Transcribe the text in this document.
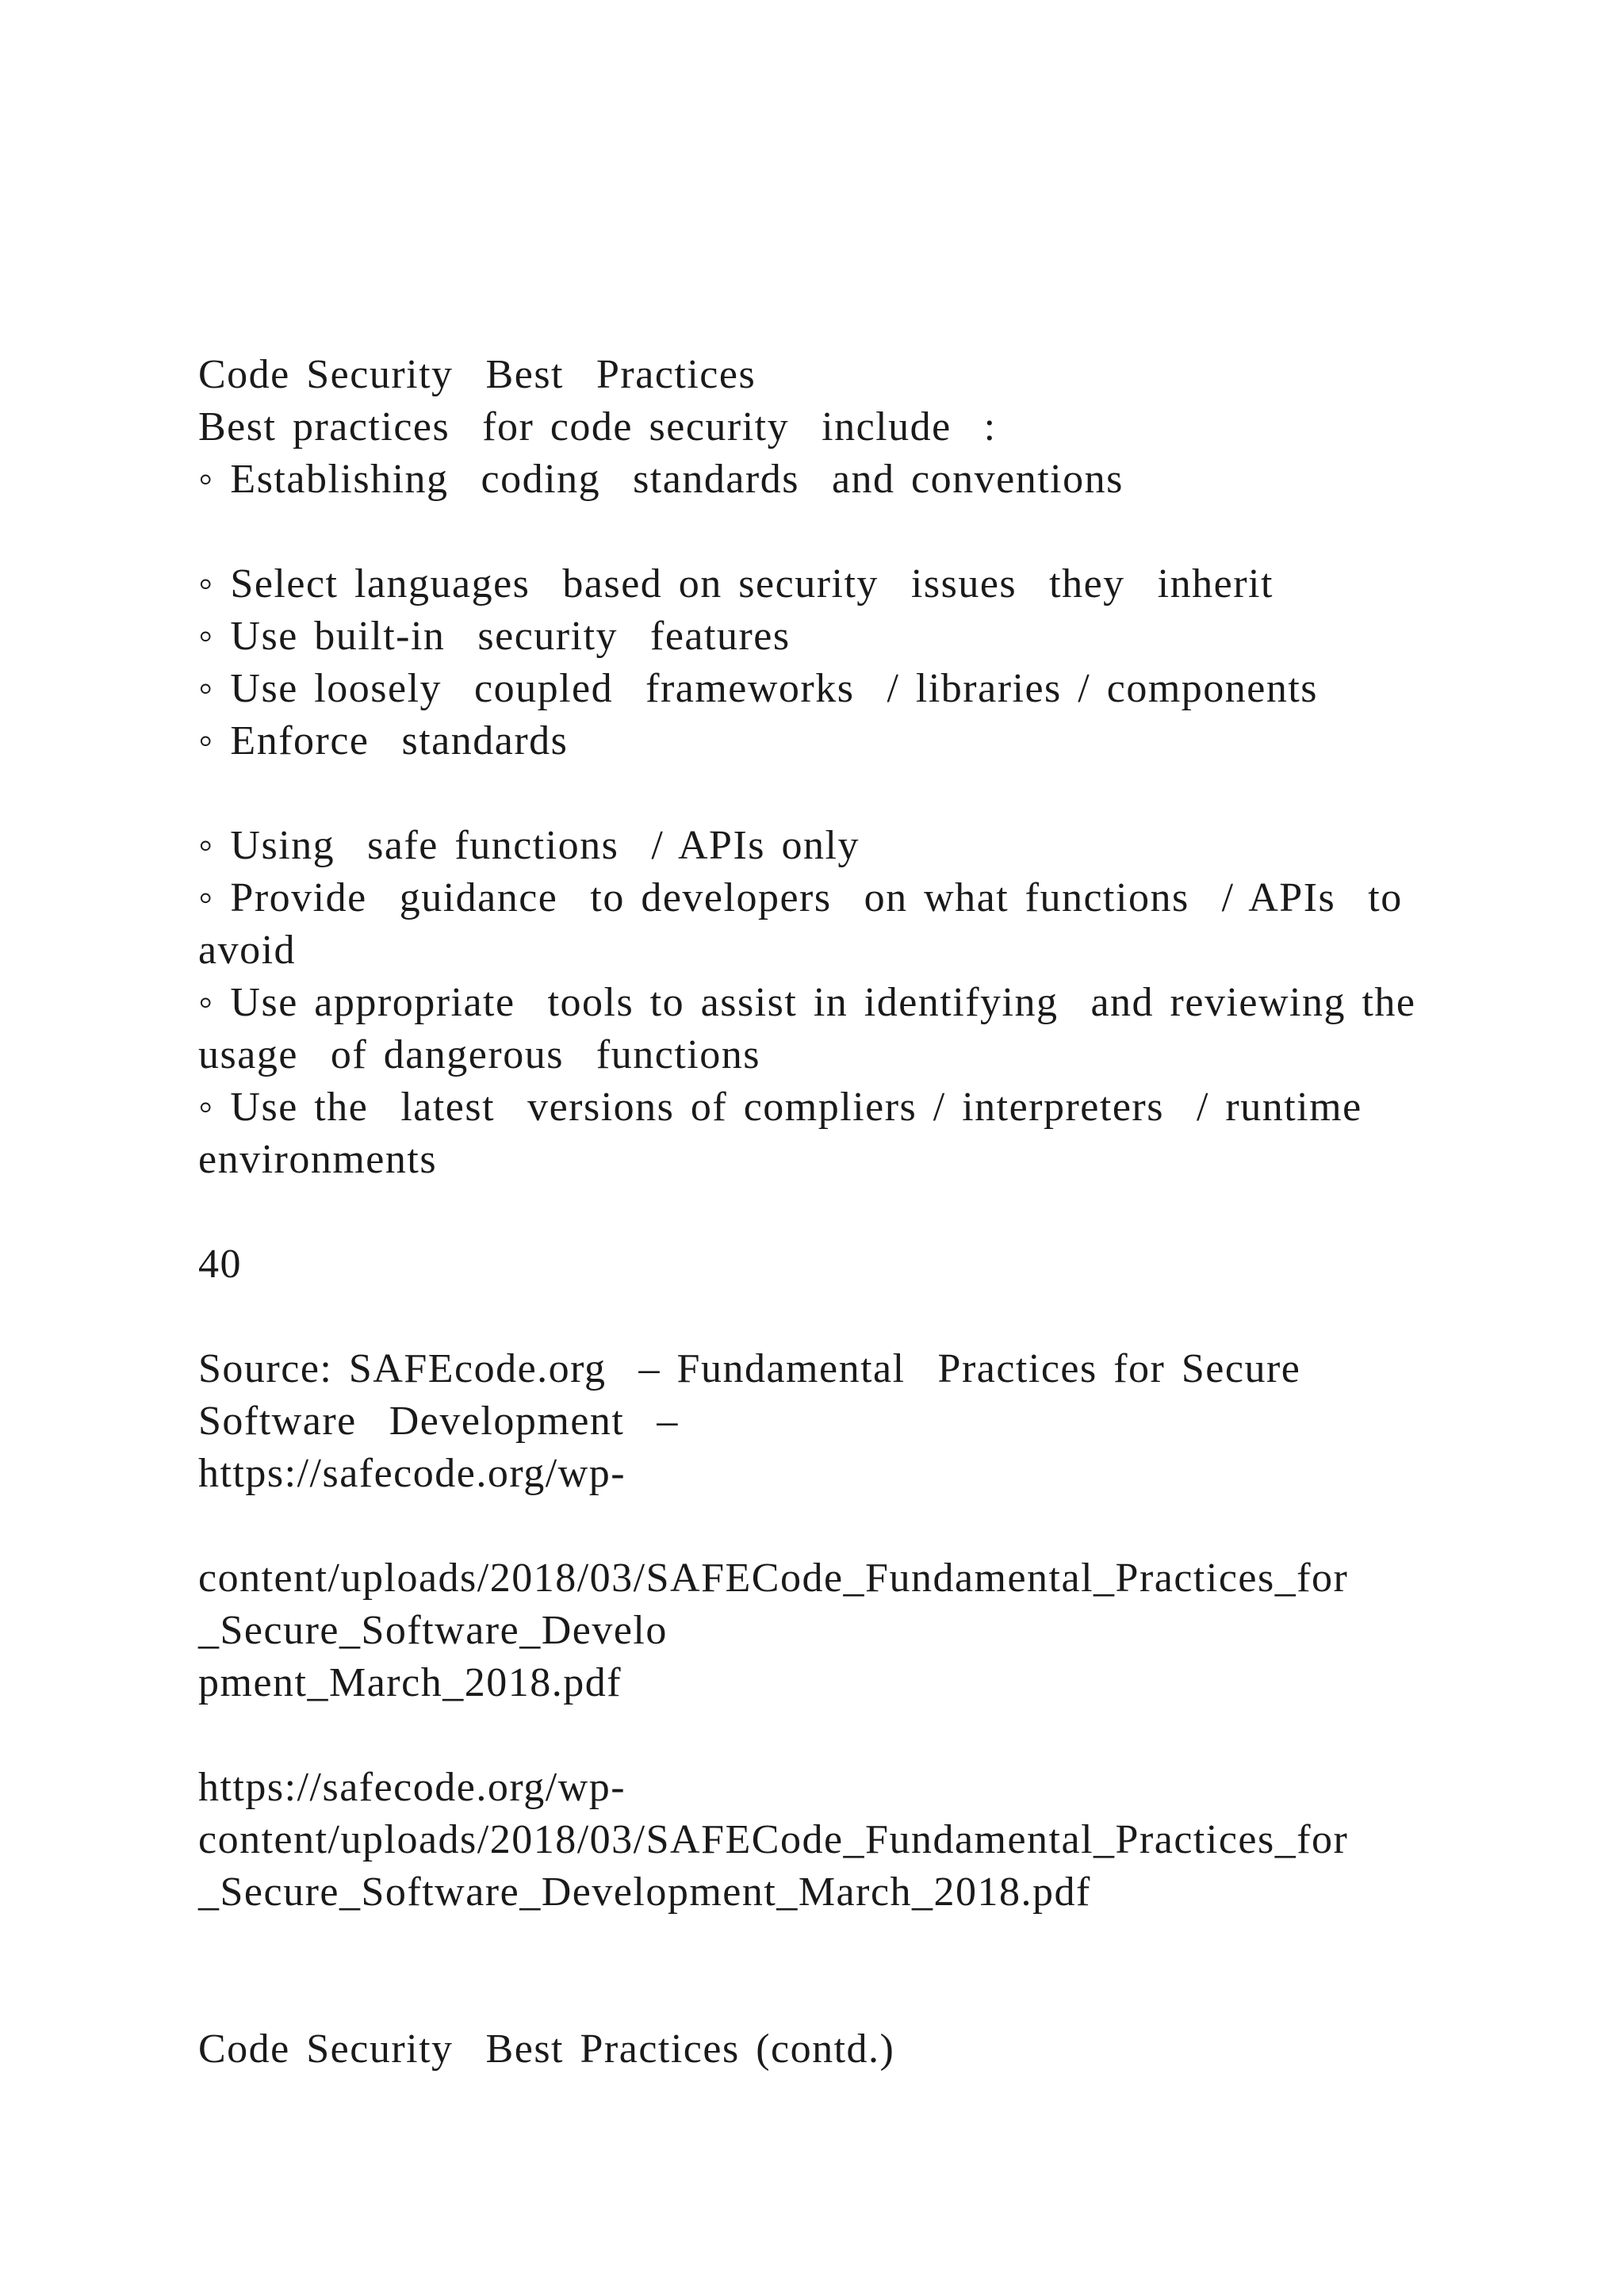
Code Security  Best  Practices

Best practices  for code security  include  :

◦ Establishing  coding  standards  and conventions

◦ Select languages  based on security  issues  they  inherit

◦ Use built-in  security  features

◦ Use loosely  coupled  frameworks  / libraries / components

◦ Enforce  standards

◦ Using  safe functions  / APIs only

◦ Provide  guidance  to developers  on what functions  / APIs  to

avoid

◦ Use appropriate  tools to assist in identifying  and reviewing the

usage  of dangerous  functions

◦ Use the  latest  versions of compliers / interpreters  / runtime

environments

40

Source: SAFEcode.org  – Fundamental  Practices for Secure

Software  Development  –

https://safecode.org/wp-

content/uploads/2018/03/SAFECode_Fundamental_Practices_for

_Secure_Software_Develo

pment_March_2018.pdf

https://safecode.org/wp-

content/uploads/2018/03/SAFECode_Fundamental_Practices_for

_Secure_Software_Development_March_2018.pdf

Code Security  Best Practices (contd.)
